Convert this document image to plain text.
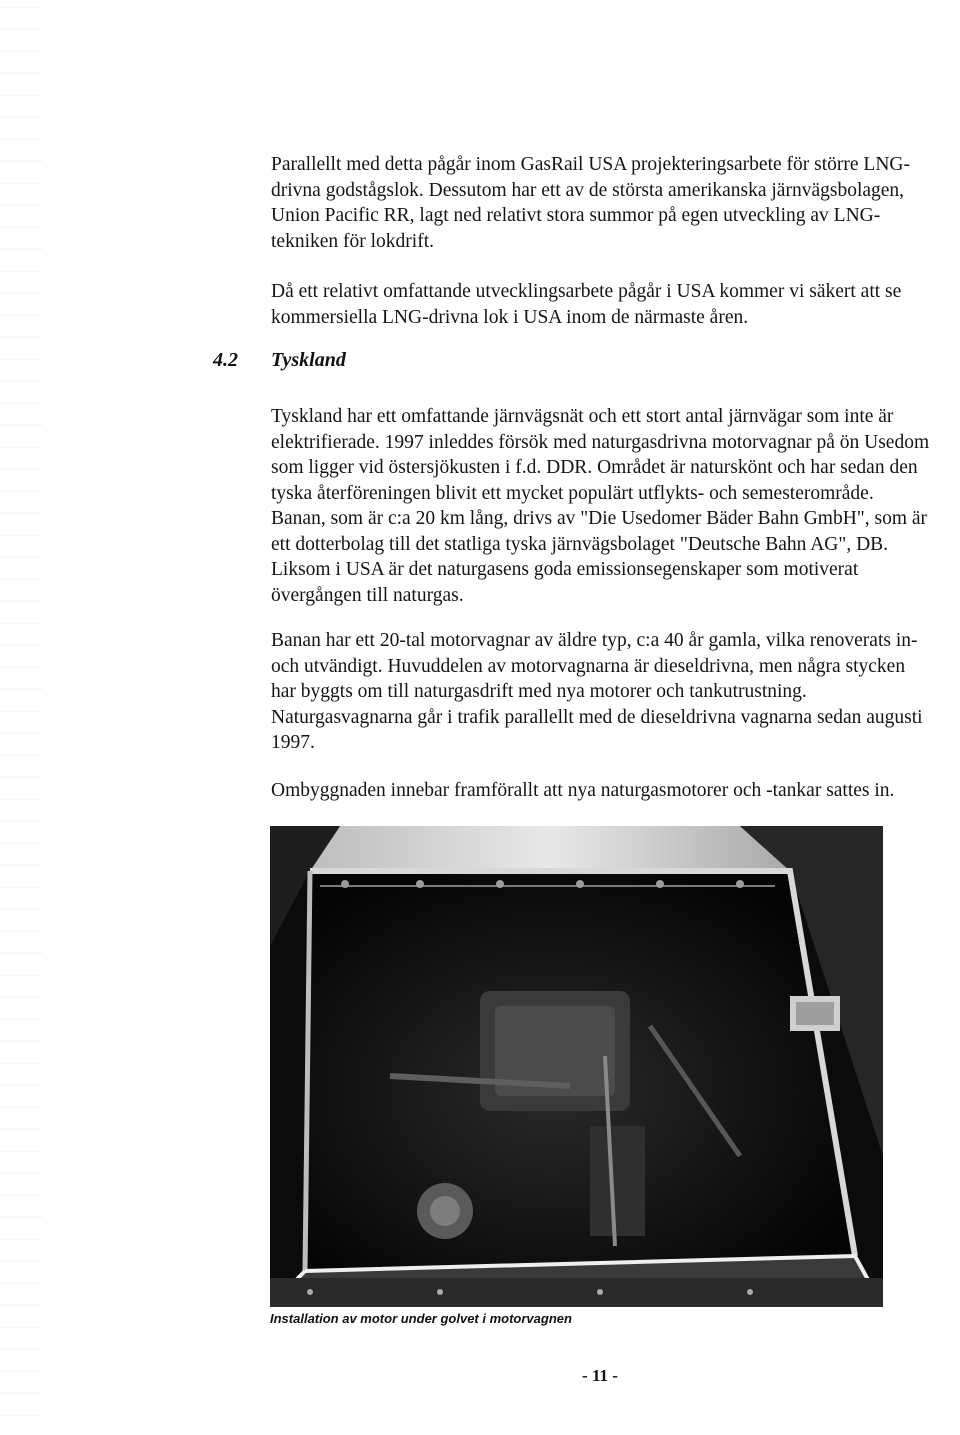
Parallellt med detta pågår inom GasRail USA projekteringsarbete för större LNG-drivna godstågslok. Dessutom har ett av de största amerikanska järnvägsbolagen, Union Pacific RR, lagt ned relativt stora summor på egen utveckling av LNG-tekniken för lokdrift.

Då ett relativt omfattande utvecklingsarbete pågår i USA kommer vi säkert att se kommersiella LNG-drivna lok i USA inom de närmaste åren.

4.2 Tyskland

Tyskland har ett omfattande järnvägsnät och ett stort antal järnvägar som inte är elektrifierade. 1997 inleddes försök med naturgasdrivna motorvagnar på ön Usedom som ligger vid östersjökusten i f.d. DDR. Området är naturskönt och har sedan den tyska återföreningen blivit ett mycket populärt utflykts- och semesterområde. Banan, som är c:a 20 km lång, drivs av "Die Usedomer Bäder Bahn GmbH", som är ett dotterbolag till det statliga tyska järnvägsbolaget "Deutsche Bahn AG", DB. Liksom i USA är det naturgasens goda emissionsegenskaper som motiverat övergången till naturgas.

Banan har ett 20-tal motorvagnar av äldre typ, c:a 40 år gamla, vilka renoverats in- och utvändigt. Huvuddelen av motorvagnarna är dieseldrivna, men några stycken har byggts om till naturgasdrift med nya motorer och tankutrustning. Naturgasvagnarna går i trafik parallellt med de dieseldrivna vagnarna sedan augusti 1997.

Ombyggnaden innebar framförallt att nya naturgasmotorer och -tankar sattes in.

Installation av motor under golvet i motorvagnen
- 11 -
